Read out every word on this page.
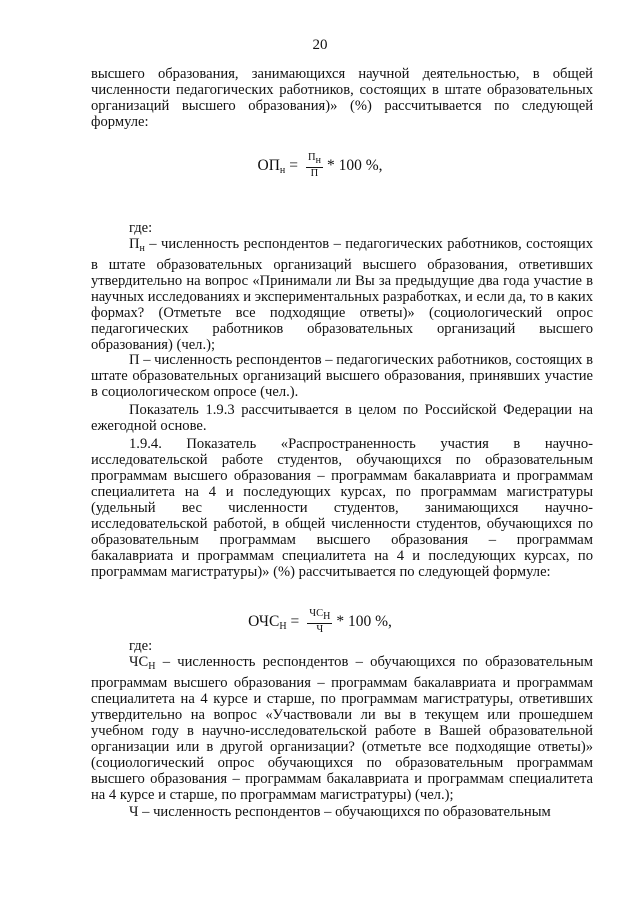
20

высшего образования, занимающихся научной деятельностью, в общей численности педагогических работников, состоящих в штате образовательных организаций высшего образования)» (%) рассчитывается по следующей формуле:

$ОП_н = \frac{П_н}{П} * 100$ %,
где:

$П_н$ – численность респондентов – педагогических работников, состоящих в штате образовательных организаций высшего образования, ответивших утвердительно на вопрос «Принимали ли Вы за предыдущие два года участие в научных исследованиях и экспериментальных разработках, и если да, то в каких формах? (Отметьте все подходящие ответы)» (социологический опрос педагогических работников образовательных организаций высшего образования) (чел.);

П – численность респондентов – педагогических работников, состоящих в штате образовательных организаций высшего образования, принявших участие в социологическом опросе (чел.).

Показатель 1.9.3 рассчитывается в целом по Российской Федерации на ежегодной основе.

1.9.4. Показатель «Распространенность участия в научно-исследовательской работе студентов, обучающихся по образовательным программам высшего образования – программам бакалавриата и программам специалитета на 4 и последующих курсах, по программам магистратуры (удельный вес численности студентов, занимающихся научно-исследовательской работой, в общей численности студентов, обучающихся по образовательным программам высшего образования – программам бакалавриата и программам специалитета на 4 и последующих курсах, по программам магистратуры)» (%) рассчитывается по следующей формуле:

$ОЧС_Н = \frac{ЧС_Н}{Ч} * 100$ %,
где:

$ЧС_Н$ – численность респондентов – обучающихся по образовательным программам высшего образования – программам бакалавриата и программам специалитета на 4 курсе и старше, по программам магистратуры, ответивших утвердительно на вопрос «Участвовали ли вы в текущем или прошедшем учебном году в научно-исследовательской работе в Вашей образовательной организации или в другой организации? (отметьте все подходящие ответы)» (социологический опрос обучающихся по образовательным программам высшего образования – программам бакалавриата и программам специалитета на 4 курсе и старше, по программам магистратуры) (чел.);

Ч – численность респондентов – обучающихся по образовательным
